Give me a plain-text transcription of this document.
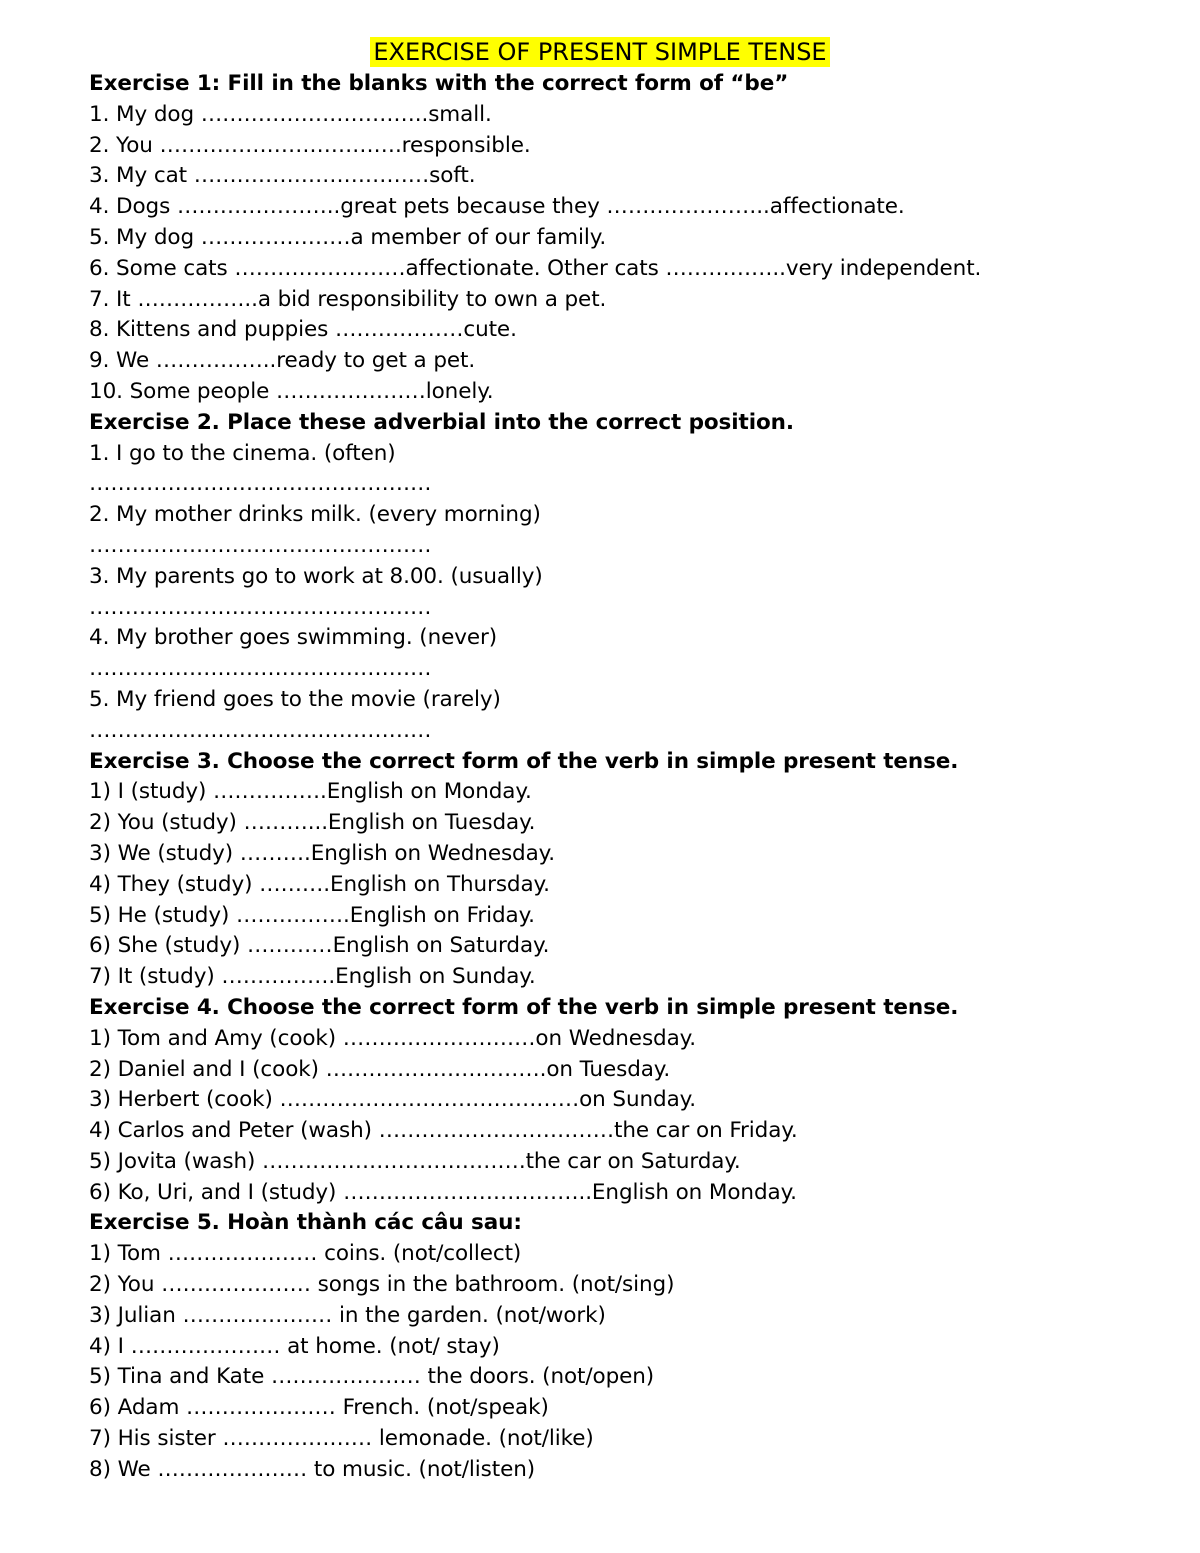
EXERCISE OF PRESENT SIMPLE TENSE
Exercise 1: Fill in the blanks with the correct form of “be”
1. My dog …………………………..small.
2. You …………………………….responsible.
3. My cat ……………………………soft.
4. Dogs …………………..great pets because they …………………..affectionate.
5. My dog …………………a member of our family.
6. Some cats ……………………affectionate. Other cats ……………..very independent.
7. It ……………..a bid responsibility to own a pet.
8. Kittens and puppies ………………cute.
9. We ……………..ready to get a pet.
10. Some people …………………lonely.
Exercise 2. Place these adverbial into the correct position.
1. I go to the cinema. (often)
…………………………………………
2. My mother drinks milk. (every morning)
…………………………………………
3. My parents go to work at 8.00. (usually)
…………………………………………
4. My brother goes swimming. (never)
…………………………………………
5. My friend goes to the movie (rarely)
…………………………………………
Exercise 3. Choose the correct form of the verb in simple present tense.
1) I (study) …………….English on Monday.
2) You (study) ………...English on Tuesday.
3) We (study) ……….English on Wednesday.
4) They (study) ……….English on Thursday.
5) He (study) …………….English on Friday.
6) She (study) …………English on Saturday.
7) It (study) …………….English on Sunday.
Exercise 4. Choose the correct form of the verb in simple present tense.
1) Tom and Amy (cook) ………………………on Wednesday.
2) Daniel and I (cook) ………………………….on Tuesday.
3) Herbert (cook) ……………………………………on Sunday.
4) Carlos and Peter (wash) ……………………………the car on Friday.
5) Jovita (wash) ……………………………….the car on Saturday.
6) Ko, Uri, and I (study) ……………………………..English on Monday.
Exercise 5. Hoàn thành các câu sau:
1) Tom ………………… coins. (not/collect)
2) You ………………… songs in the bathroom. (not/sing)
3) Julian ………………… in the garden. (not/work)
4) I ………………… at home. (not/ stay)
5) Tina and Kate ………………… the doors. (not/open)
6) Adam ………………… French. (not/speak)
7) His sister ………………… lemonade. (not/like)
8) We ………………… to music. (not/listen)
